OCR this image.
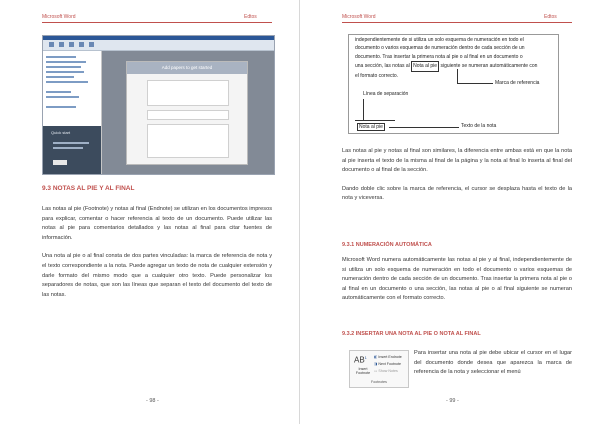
Microsoft Word	Edtos
Quick start
Add papers to get started
9.3 NOTAS AL PIE Y AL FINAL

Las notas al pie (Footnote) y notas al final (Endnote) se utilizan en los documentos impresos para explicar, comentar o hacer referencia al texto de un documento. Puede utilizar las notas al pie para comentarios detallados y las notas al final para citar fuentes de información.

Una nota al pie o al final consta de dos partes vinculadas: la marca de referencia de nota y el texto correspondiente a la nota. Puede agregar un texto de nota de cualquier extensión y darle formato del mismo modo que a cualquier otro texto. Puede personalizar los separadores de notas, que son las líneas que separan el texto del documento del texto de las notas.

- 98 -
Microsoft Word	Edtos
- 99 -

independientemente de si utiliza un solo esquema de numeración en todo el

documento o varios esquemas de numeración dentro de cada sección de un

documento. Tras insertar la primera nota al pie o al final en un documento o

una sección, las notas al Nota al pie siguiente se numeran automáticamente con

el formato correcto.

Marca de referencia
Línea de separación
Nota al pie	Texto de la nota

Las notas al pie y notas al final son similares, la diferencia entre ambas está en que la nota al pie inserta el texto de la misma al final de la página y la nota al final lo inserta al final del documento o al final de la sección.

Dando doble clic sobre la marca de referencia, el cursor se desplaza hasta el texto de la nota y viceversa.

9.3.1 NUMERACIÓN AUTOMÁTICA
Microsoft Word numera automáticamente las notas al pie y al final, independientemente de si utiliza un solo esquema de numeración en todo el documento o varios esquemas de numeración dentro de cada sección de un documento. Tras insertar la primera nota al pie o al final en un documento o una sección, las notas al pie o al final siguiente se numeran automáticamente con el formato correcto.
9.3.2 INSERTAR UNA NOTA AL PIE O NOTA AL FINAL
$AB^1$
Insert
Footnote
◧ Insert Endnote
◨ Next Footnote
▭ Show Notes
Footnotes
Para insertar una nota al pie debe ubicar el cursor en el lugar del documento donde desea que aparezca la marca de referencia de la nota y seleccionar el menú
